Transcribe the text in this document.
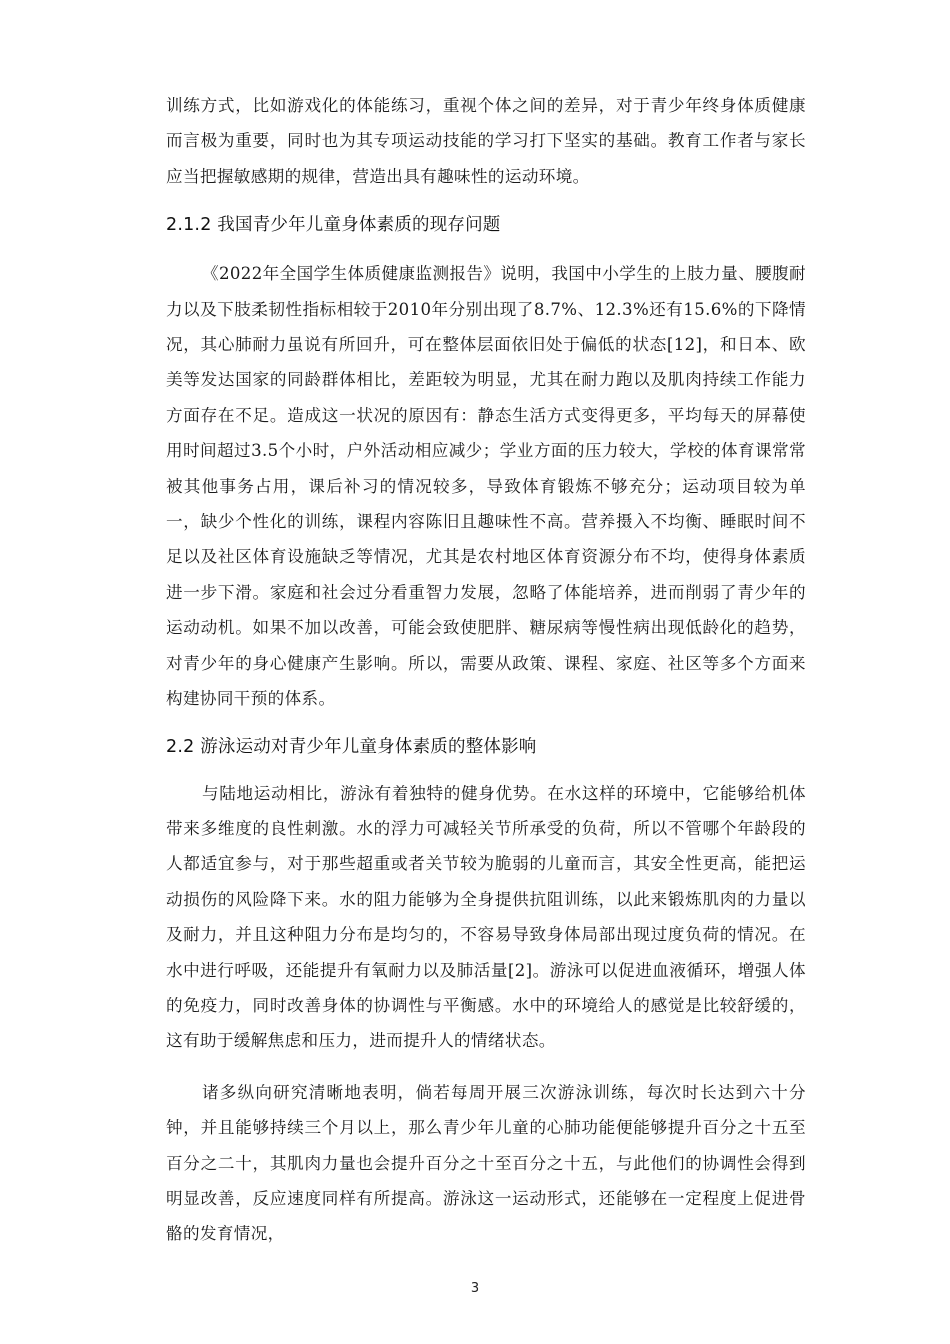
训练方式，比如游戏化的体能练习，重视个体之间的差异，对于青少年终身体质健康而言极为重要，同时也为其专项运动技能的学习打下坚实的基础。教育工作者与家长应当把握敏感期的规律，营造出具有趣味性的运动环境。

2.1.2 我国青少年儿童身体素质的现存问题

《2022年全国学生体质健康监测报告》说明，我国中小学生的上肢力量、腰腹耐力以及下肢柔韧性指标相较于2010年分别出现了8.7%、12.3%还有15.6%的下降情况，其心肺耐力虽说有所回升，可在整体层面依旧处于偏低的状态[12]，和日本、欧美等发达国家的同龄群体相比，差距较为明显，尤其在耐力跑以及肌肉持续工作能力方面存在不足。造成这一状况的原因有：静态生活方式变得更多，平均每天的屏幕使用时间超过3.5个小时，户外活动相应减少；学业方面的压力较大，学校的体育课常常被其他事务占用，课后补习的情况较多，导致体育锻炼不够充分；运动项目较为单一，缺少个性化的训练，课程内容陈旧且趣味性不高。营养摄入不均衡、睡眠时间不足以及社区体育设施缺乏等情况，尤其是农村地区体育资源分布不均，使得身体素质进一步下滑。家庭和社会过分看重智力发展，忽略了体能培养，进而削弱了青少年的运动动机。如果不加以改善，可能会致使肥胖、糖尿病等慢性病出现低龄化的趋势，对青少年的身心健康产生影响。所以，需要从政策、课程、家庭、社区等多个方面来构建协同干预的体系。

2.2 游泳运动对青少年儿童身体素质的整体影响

与陆地运动相比，游泳有着独特的健身优势。在水这样的环境中，它能够给机体带来多维度的良性刺激。水的浮力可减轻关节所承受的负荷，所以不管哪个年龄段的人都适宜参与，对于那些超重或者关节较为脆弱的儿童而言，其安全性更高，能把运动损伤的风险降下来。水的阻力能够为全身提供抗阻训练，以此来锻炼肌肉的力量以及耐力，并且这种阻力分布是均匀的，不容易导致身体局部出现过度负荷的情况。在水中进行呼吸，还能提升有氧耐力以及肺活量[2]。游泳可以促进血液循环，增强人体的免疫力，同时改善身体的协调性与平衡感。水中的环境给人的感觉是比较舒缓的，这有助于缓解焦虑和压力，进而提升人的情绪状态。

诸多纵向研究清晰地表明，倘若每周开展三次游泳训练，每次时长达到六十分钟，并且能够持续三个月以上，那么青少年儿童的心肺功能便能够提升百分之十五至百分之二十，其肌肉力量也会提升百分之十至百分之十五，与此他们的协调性会得到明显改善，反应速度同样有所提高。游泳这一运动形式，还能够在一定程度上促进骨骼的发育情况，

3
